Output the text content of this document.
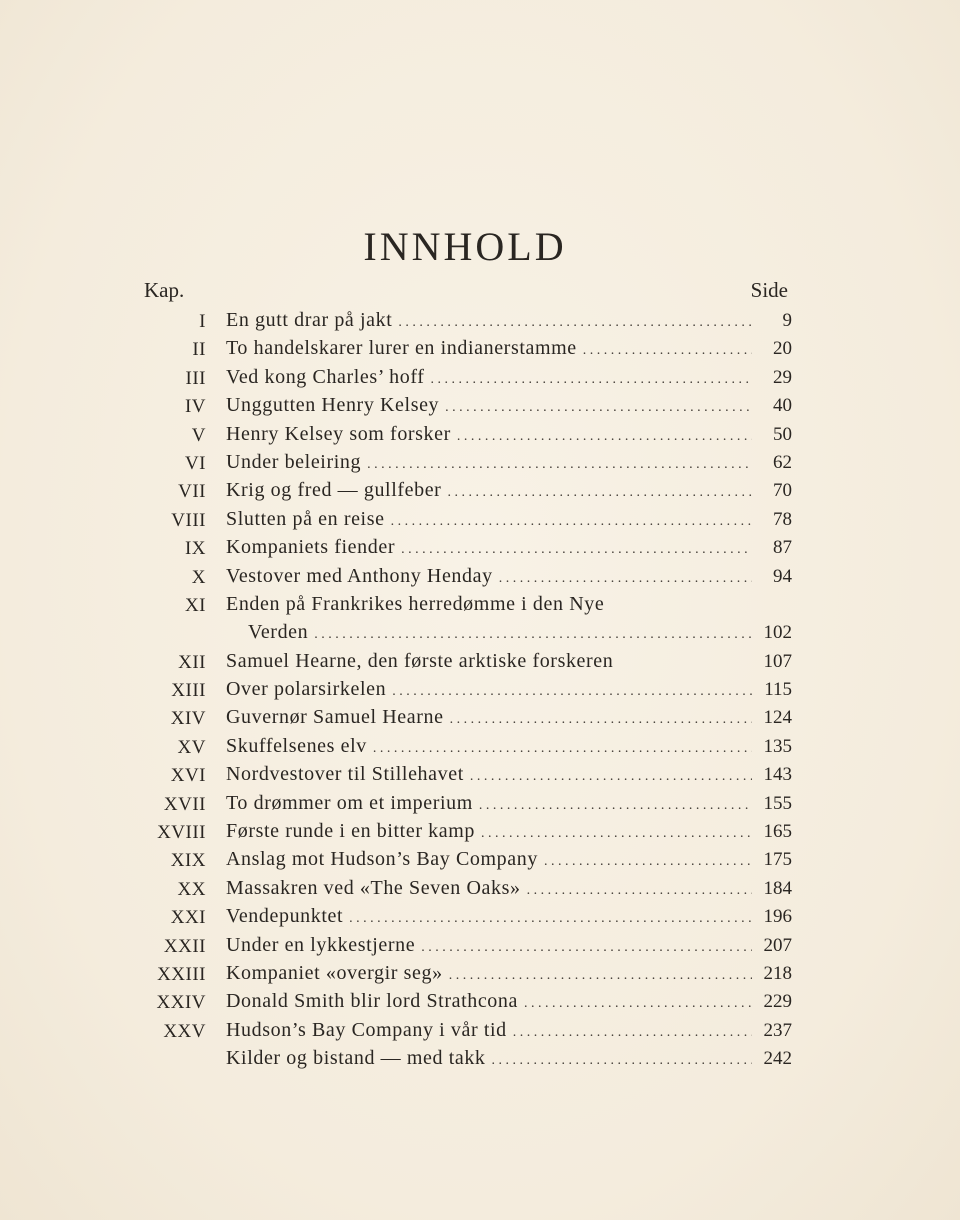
INNHOLD
Kap.	Side
I En gutt drar på jakt . . .	9
II To handelskarer lurer en indianerstamme . . .	20
III Ved kong Charles’ hoff . . .	29
IV Unggutten Henry Kelsey . . .	40
V Henry Kelsey som forsker . . .	50
VI Under beleiring . . .	62
VII Krig og fred — gullfeber . . .	70
VIII Slutten på en reise . . .	78
IX Kompaniets fiender . . .	87
X Vestover med Anthony Henday . . .	94
XI Enden på Frankrikes herredømme i den Nye
Verden . . .	102
XII Samuel Hearne, den første arktiske forskeren	107
XIII Over polarsirkelen . . .	115
XIV Guvernør Samuel Hearne . . .	124
XV Skuffelsenes elv . . .	135
XVI Nordvestover til Stillehavet . . .	143
XVII To drømmer om et imperium . . .	155
XVIII Første runde i en bitter kamp . . .	165
XIX Anslag mot Hudson’s Bay Company . . .	175
XX Massakren ved «The Seven Oaks» . . .	184
XXI Vendepunktet . . .	196
XXII Under en lykkestjerne . . .	207
XXIII Kompaniet «overgir seg» . . .	218
XXIV Donald Smith blir lord Strathcona . . .	229
XXV Hudson’s Bay Company i vår tid . . .	237
Kilder og bistand — med takk . . .	242
